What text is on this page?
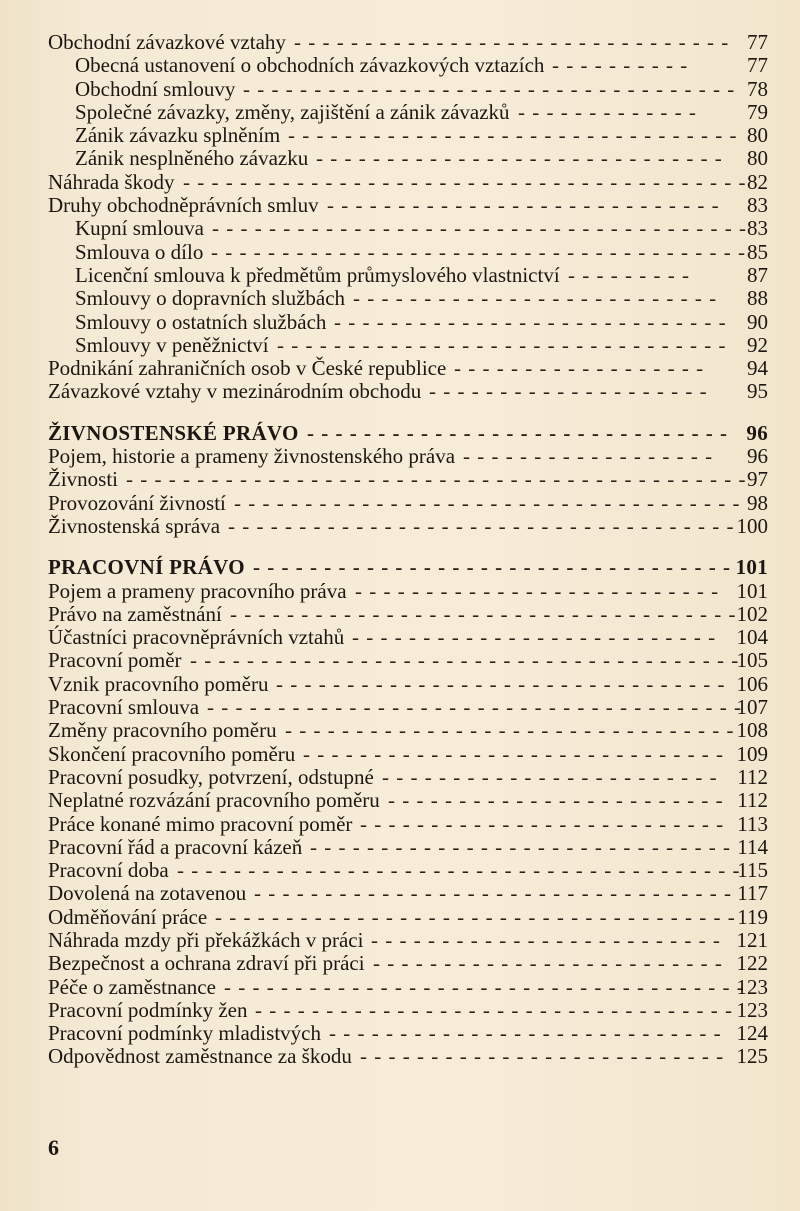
- - - - - - - - - - - - - - - - - - - - - - - - - - - - - - -
Obchodní závazkové vztahy	77
- - - - - - - - - -
Obecná ustanovení o obchodních závazkových vztazích	77
- - - - - - - - - - - - - - - - - - - - - - - - - - - - - - - - - - -
Obchodní smlouvy	78
- - - - - - - - - - - - -
Společné závazky, změny, zajištění a zánik závazků	79
- - - - - - - - - - - - - - - - - - - - - - - - - - - - - - - -
Zánik závazku splněním	80
- - - - - - - - - - - - - - - - - - - - - - - - - - - - -
Zánik nesplněného závazku	80
- - - - - - - - - - - - - - - - - - - - - - - - - - - - - - - - - - - - - - - -
Náhrada škody	82
- - - - - - - - - - - - - - - - - - - - - - - - - - - -
Druhy obchodněprávních smluv	83
- - - - - - - - - - - - - - - - - - - - - - - - - - - - - - - - - - - - - -
Kupní smlouva	83
- - - - - - - - - - - - - - - - - - - - - - - - - - - - - - - - - - - - - -
Smlouva o dílo	85
- - - - - - - - -
Licenční smlouva k předmětům průmyslového vlastnictví	87
- - - - - - - - - - - - - - - - - - - - - - - - - -
Smlouvy o dopravních službách	88
- - - - - - - - - - - - - - - - - - - - - - - - - - - -
Smlouvy o ostatních službách	90
- - - - - - - - - - - - - - - - - - - - - - - - - - - - - - - -
Smlouvy v peněžnictví	92
- - - - - - - - - - - - - - - - - -
Podnikání zahraničních osob v České republice	94
- - - - - - - - - - - - - - - - - - - -
Závazkové vztahy v mezinárodním obchodu	95
- - - - - - - - - - - - - - - - - - - - - - - - - - - - - -
ŽIVNOSTENSKÉ PRÁVO	96
- - - - - - - - - - - - - - - - - -
Pojem, historie a prameny živnostenského práva	96
- - - - - - - - - - - - - - - - - - - - - - - - - - - - - - - - - - - - - - - - - - - -
Živnosti	97
- - - - - - - - - - - - - - - - - - - - - - - - - - - - - - - - - - - -
Provozování živností	98
- - - - - - - - - - - - - - - - - - - - - - - - - - - - - - - - - - - -
Živnostenská správa	100
- - - - - - - - - - - - - - - - - - - - - - - - - - - - - - - - - -
PRACOVNÍ PRÁVO	101
- - - - - - - - - - - - - - - - - - - - - - - - - -
Pojem a prameny pracovního práva	101
- - - - - - - - - - - - - - - - - - - - - - - - - - - - - - - - - - - -
Právo na zaměstnání	102
- - - - - - - - - - - - - - - - - - - - - - - - - -
Účastníci pracovněprávních vztahů	104
- - - - - - - - - - - - - - - - - - - - - - - - - - - - - - - - - - - - - - -
Pracovní poměr	105
- - - - - - - - - - - - - - - - - - - - - - - - - - - - - - - -
Vznik pracovního poměru	106
- - - - - - - - - - - - - - - - - - - - - - - - - - - - - - - - - - - - - -
Pracovní smlouva	107
- - - - - - - - - - - - - - - - - - - - - - - - - - - - - - - -
Změny pracovního poměru	108
- - - - - - - - - - - - - - - - - - - - - - - - - - - - - -
Skončení pracovního poměru	109
- - - - - - - - - - - - - - - - - - - - - - - -
Pracovní posudky, potvrzení, odstupné	112
- - - - - - - - - - - - - - - - - - - - - - - -
Neplatné rozvázání pracovního poměru	112
- - - - - - - - - - - - - - - - - - - - - - - - - -
Práce konané mimo pracovní poměr	113
- - - - - - - - - - - - - - - - - - - - - - - - - - - - - -
Pracovní řád a pracovní kázeň	114
- - - - - - - - - - - - - - - - - - - - - - - - - - - - - - - - - - - - - - - -
Pracovní doba	115
- - - - - - - - - - - - - - - - - - - - - - - - - - - - - - - - - -
Dovolená na zotavenou	117
- - - - - - - - - - - - - - - - - - - - - - - - - - - - - - - - - - - - -
Odměňování práce	119
- - - - - - - - - - - - - - - - - - - - - - - - -
Náhrada mzdy při překážkách v práci	121
- - - - - - - - - - - - - - - - - - - - - - - - -
Bezpečnost a ochrana zdraví při práci	122
- - - - - - - - - - - - - - - - - - - - - - - - - - - - - - - - - - - - -
Péče o zaměstnance	123
- - - - - - - - - - - - - - - - - - - - - - - - - - - - - - - - - -
Pracovní podmínky žen	123
- - - - - - - - - - - - - - - - - - - - - - - - - - - -
Pracovní podmínky mladistvých	124
- - - - - - - - - - - - - - - - - - - - - - - - - -
Odpovědnost zaměstnance za škodu	125
6
